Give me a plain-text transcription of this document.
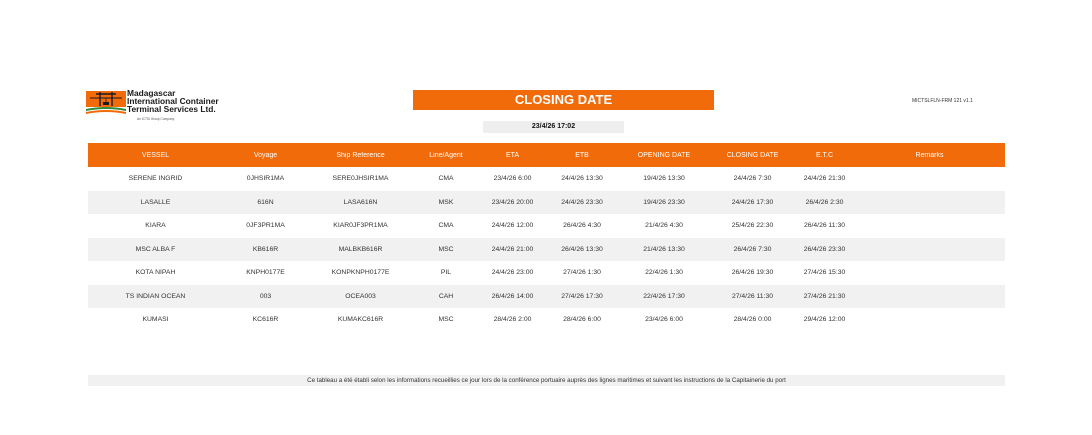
Madagascar
International Container
Terminal Services Ltd.
An ICTSI Group Company
CLOSING DATE	MICTSLFLN-FRM 121 v1.1
23/4/26 17:02
VESSEL	Voyage	Ship Reference	Line/Agent	ETA	ETB	OPENING DATE	CLOSING DATE	E.T.C	Remarks
SERENE INGRID	0JHSIR1MA	SERE0JHSIR1MA	CMA	23/4/26 6:00	24/4/26 13:30	19/4/26 13:30	24/4/26 7:30	24/4/26 21:30
LASALLE	616N	LASA616N	MSK	23/4/26 20:00	24/4/26 23:30	19/4/26 23:30	24/4/26 17:30	26/4/26 2:30
KIARA	0JF3PR1MA	KIAR0JF3PR1MA	CMA	24/4/26 12:00	26/4/26 4:30	21/4/26 4:30	25/4/26 22:30	26/4/26 11:30
MSC ALBA F	KB616R	MALBKB616R	MSC	24/4/26 21:00	26/4/26 13:30	21/4/26 13:30	26/4/26 7:30	26/4/26 23:30
KOTA NIPAH	KNPH0177E	KONPKNPH0177E	PIL	24/4/26 23:00	27/4/26 1:30	22/4/26 1:30	26/4/26 19:30	27/4/26 15:30
TS INDIAN OCEAN	003	OCEA003	CAH	26/4/26 14:00	27/4/26 17:30	22/4/26 17:30	27/4/26 11:30	27/4/26 21:30
KUMASI	KC616R	KUMAKC616R	MSC	28/4/26 2:00	28/4/26 6:00	23/4/26 6:00	28/4/26 0:00	29/4/26 12:00
Ce tableau a été établi selon les informations recueillies ce jour lors de la conférence portuaire auprès des lignes maritimes et suivant les instructions de la Capitainerie du port
